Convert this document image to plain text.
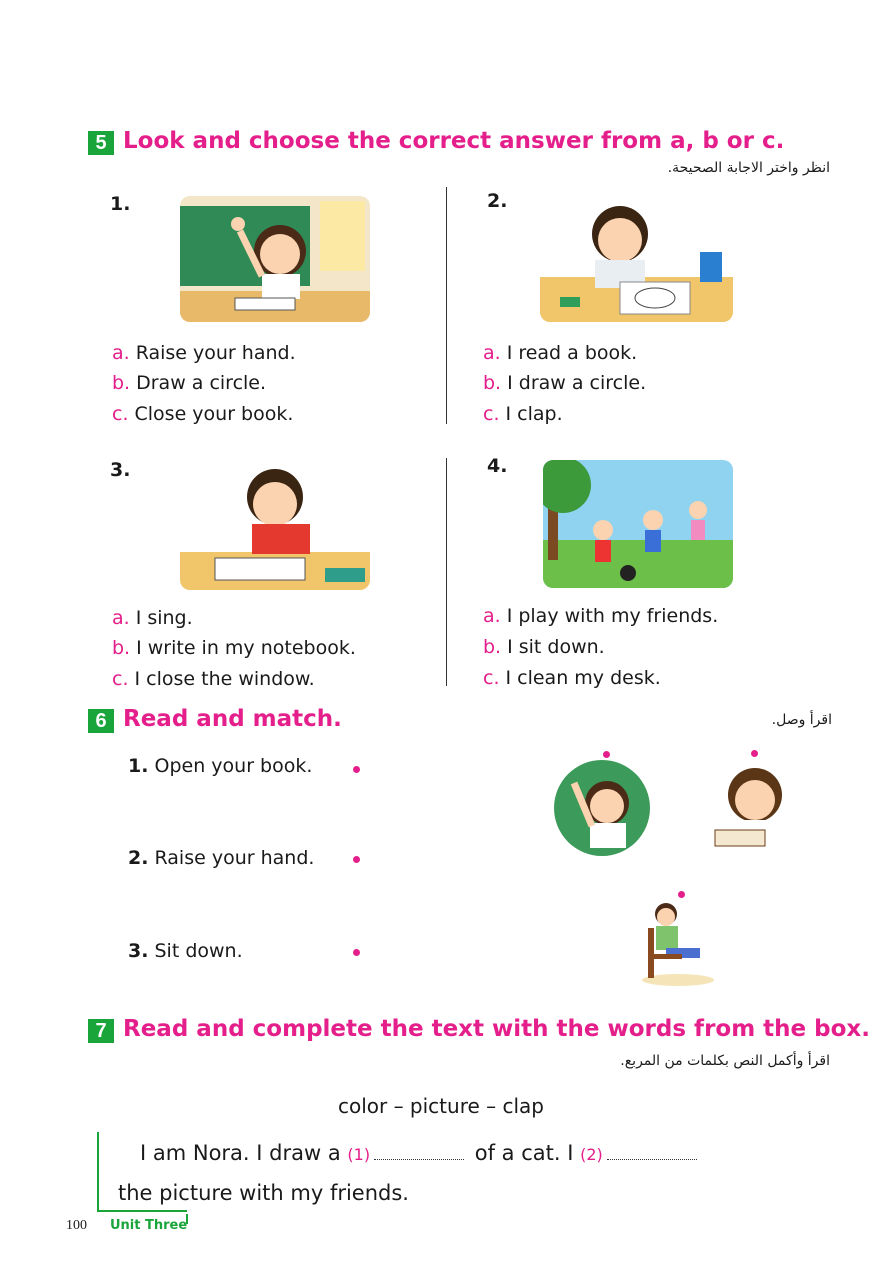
5 Look and choose the correct answer from a, b or c.
انظر واختر الاجابة الصحيحة.
1.
a. Raise your hand.
b. Draw a circle.
c. Close your book.
2.
a. I read a book.
b. I draw a circle.
c. I clap.
3.
a. I sing.
b. I write in my notebook.
c. I close the window.
4.
a. I play with my friends.
b. I sit down.
c. I clean my desk.
6 Read and match.	اقرأ وصل.
1. Open your book.
2. Raise your hand.
3. Sit down.
7 Read and complete the text with the words from the box.
اقرأ وأكمل النص بكلمات من المربع.
color – picture – clap
I am Nora. I draw a (1)	of a cat. I (2)
the picture with my friends.
100 Unit Three
